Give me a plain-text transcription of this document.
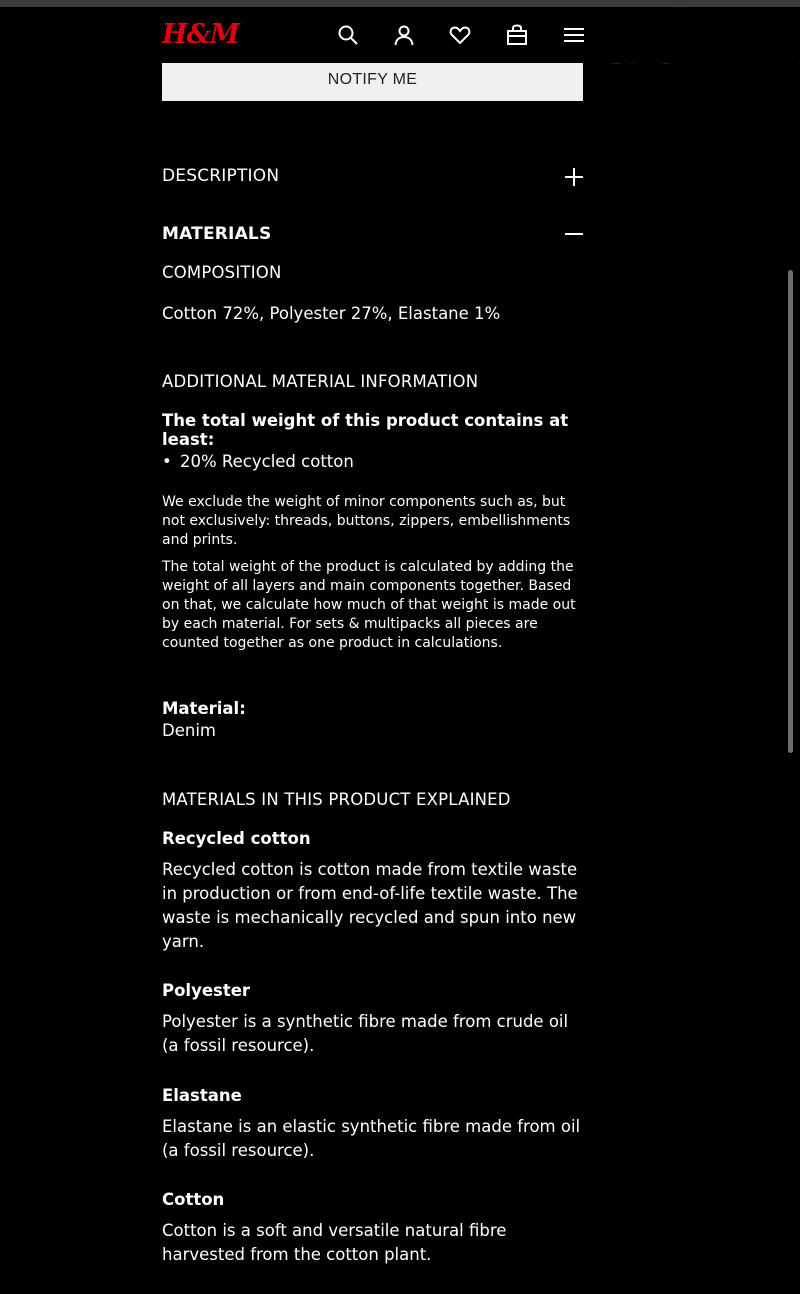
H&M
NOTIFY ME
DESCRIPTION
MATERIALS
COMPOSITION
Cotton 72%, Polyester 27%, Elastane 1%
ADDITIONAL MATERIAL INFORMATION
The total weight of this product contains at least:
• 20% Recycled cotton
We exclude the weight of minor components such as, but not exclusively: threads, buttons, zippers, embellishments and prints.
The total weight of the product is calculated by adding the weight of all layers and main components together. Based on that, we calculate how much of that weight is made out by each material. For sets & multipacks all pieces are counted together as one product in calculations.
Material:
Denim
MATERIALS IN THIS PRODUCT EXPLAINED
Recycled cotton
Recycled cotton is cotton made from textile waste in production or from end-of-life textile waste. The waste is mechanically recycled and spun into new yarn.
Polyester
Polyester is a synthetic fibre made from crude oil (a fossil resource).
Elastane
Elastane is an elastic synthetic fibre made from oil (a fossil resource).
Cotton
Cotton is a soft and versatile natural fibre harvested from the cotton plant.
